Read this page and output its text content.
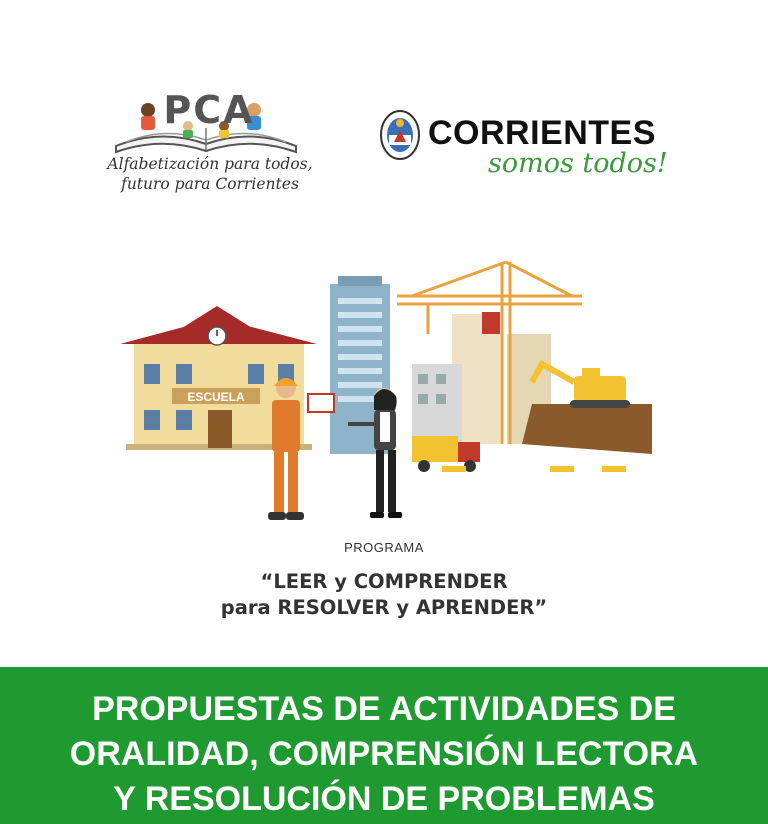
PCA
Alfabetización para todos,
futuro para Corrientes
CORRIENTES
somos todos!
ESCUELA
PROGRAMA
“LEER y COMPRENDER
para RESOLVER y APRENDER”
PROPUESTAS DE ACTIVIDADES DE
ORALIDAD, COMPRENSIÓN LECTORA
Y RESOLUCIÓN DE PROBLEMAS
